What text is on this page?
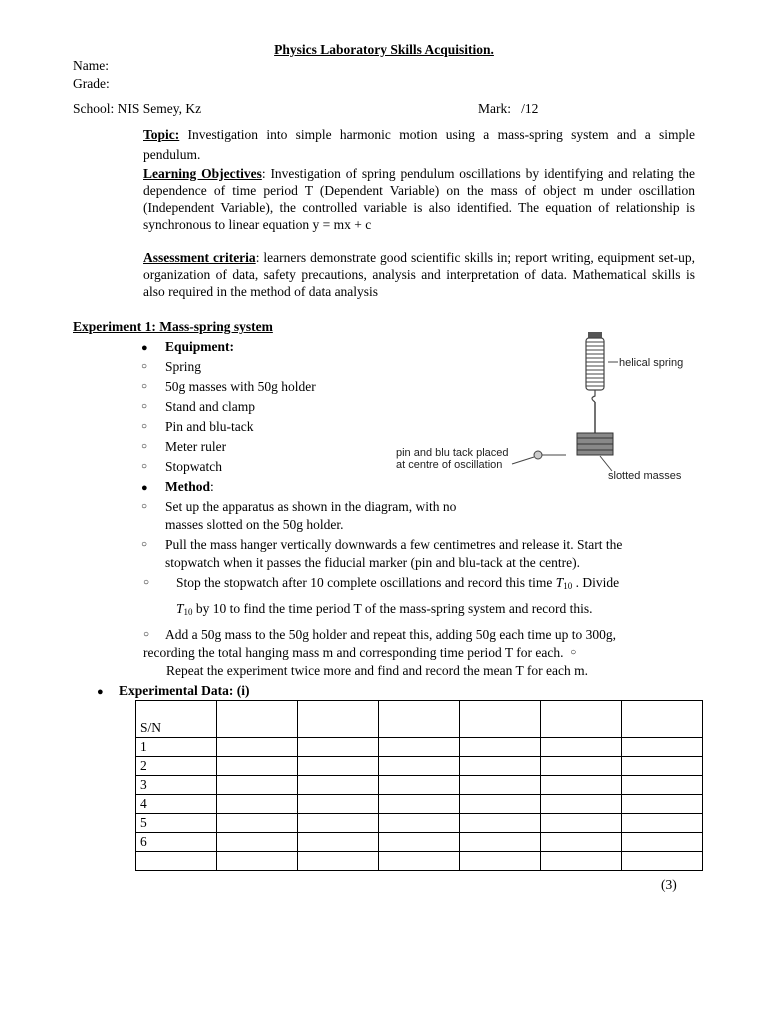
Physics Laboratory Skills Acquisition.
Name:
Grade:
School: NIS Semey, Kz	Mark: /12
Topic: Investigation into simple harmonic motion using a mass-spring system and a simple pendulum.
Learning Objectives: Investigation of spring pendulum oscillations by identifying and relating the dependence of time period T (Dependent Variable) on the mass of object m under oscillation (Independent Variable), the controlled variable is also identified. The equation of relationship is synchronous to linear equation y = mx + c
Assessment criteria: learners demonstrate good scientific skills in; report writing, equipment set-up, organization of data, safety precautions, analysis and interpretation of data. Mathematical skills is also required in the method of data analysis
Experiment 1: Mass-spring system
● Equipment:
○ Spring
○ 50g masses with 50g holder
○ Stand and clamp
○ Pin and blu-tack
○ Meter ruler
○ Stopwatch
● Method:
○ Set up the apparatus as shown in the diagram, with no
masses slotted on the 50g holder.
○ Pull the mass hanger vertically downwards a few centimetres and release it. Start the
stopwatch when it passes the fiducial marker (pin and blu-tack at the centre).
○ Stop the stopwatch after 10 complete oscillations and record this time $T_{10}$ . Divide
$T_{10}$ by 10 to find the time period T of the mass-spring system and record this.
○ Add a 50g mass to the 50g holder and repeat this, adding 50g each time up to 300g,
recording the total hanging mass m and corresponding time period T for each. ○
Repeat the experiment twice more and find and record the mean T for each m.
● Experimental Data: (i)
helical spring
pin and blu tack placed
at centre of oscillation
slotted masses
S/N						
1						
2						
3						
4						
5						
6						

(3)
